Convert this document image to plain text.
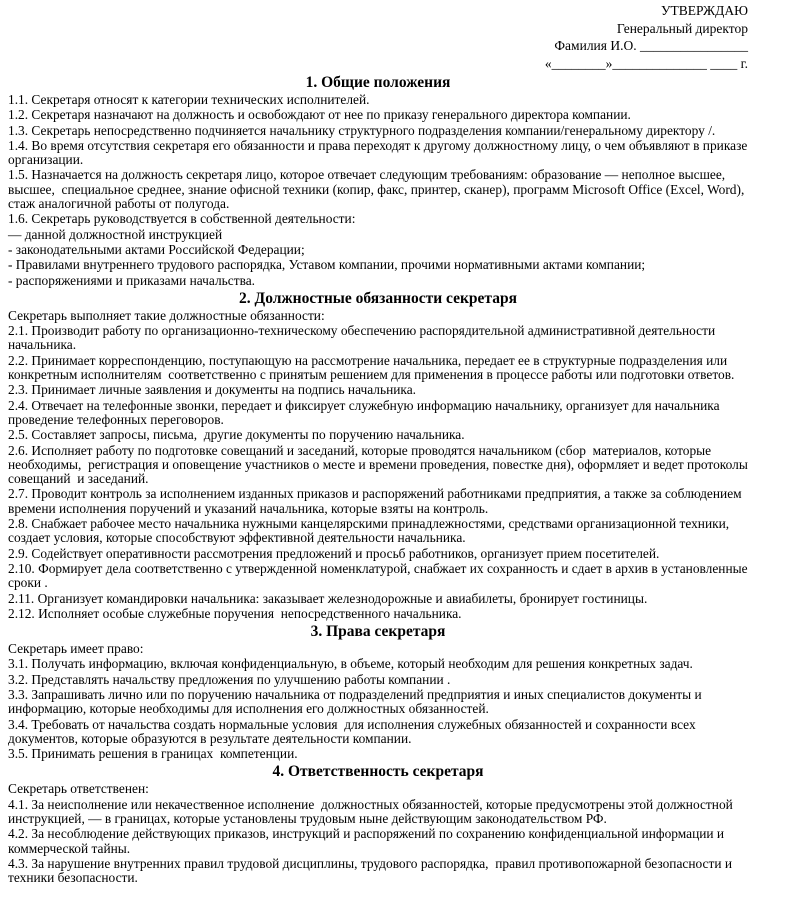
УТВЕРЖДАЮ
Генеральный директор
Фамилия И.О. ________________
«________»______________ ____ г.
1. Общие положения

1.1. Секретаря относят к категории технических исполнителей.

1.2. Секретаря назначают на должность и освобождают от нее по приказу генерального директора компании.

1.3. Секретарь непосредственно подчиняется начальнику структурного подразделения компании/генеральному директору /.

1.4. Во время отсутствия секретаря его обязанности и права переходят к другому должностному лицу, о чем объявляют в приказе организации.

1.5. Назначается на должность секретаря лицо, которое отвечает следующим требованиям: образование — неполное высшее, высшее,  специальное среднее, знание офисной техники (копир, факс, принтер, сканер), программ Microsoft Office (Excel, Word), стаж аналогичной работы от полугода.

1.6. Секретарь руководствуется в собственной деятельности:

— данной должностной инструкцией

- законодательными актами Российской Федерации;

- Правилами внутреннего трудового распорядка, Уставом компании, прочими нормативными актами компании;

- распоряжениями и приказами начальства.

2. Должностные обязанности секретаря

Секретарь выполняет такие должностные обязанности:

2.1. Производит работу по организационно-техническому обеспечению распорядительной административной деятельности начальника.

2.2. Принимает корреспонденцию, поступающую на рассмотрение начальника, передает ее в структурные подразделения или конкретным исполнителям  соответственно с принятым решением для применения в процессе работы или подготовки ответов.

2.3. Принимает личные заявления и документы на подпись начальника.

2.4. Отвечает на телефонные звонки, передает и фиксирует служебную информацию начальнику, организует для начальника проведение телефонных переговоров.

2.5. Составляет запросы, письма,  другие документы по поручению начальника.

2.6. Исполняет работу по подготовке совещаний и заседаний, которые проводятся начальником (сбор  материалов, которые необходимы,  регистрация и оповещение участников о месте и времени проведения, повестке дня), оформляет и ведет протоколы совещаний  и заседаний.

2.7. Проводит контроль за исполнением изданных приказов и распоряжений работниками предприятия, а также за соблюдением времени исполнения поручений и указаний начальника, которые взяты на контроль.

2.8. Снабжает рабочее место начальника нужными канцелярскими принадлежностями, средствами организационной техники,  создает условия, которые способствуют эффективной деятельности начальника.

2.9. Содействует оперативности рассмотрения предложений и просьб работников, организует прием посетителей.

2.10. Формирует дела соответственно с утвержденной номенклатурой, снабжает их сохранность и сдает в архив в установленные сроки .

2.11. Организует командировки начальника: заказывает железнодорожные и авиабилеты, бронирует гостиницы.

2.12. Исполняет особые служебные поручения  непосредственного начальника.

3. Права секретаря

Секретарь имеет право:

3.1. Получать информацию, включая конфиденциальную, в объеме, который необходим для решения конкретных задач.

3.2. Представлять начальству предложения по улучшению работы компании .

3.3. Запрашивать лично или по поручению начальника от подразделений предприятия и иных специалистов документы и информацию, которые необходимы для исполнения его должностных обязанностей.

3.4. Требовать от начальства создать нормальные условия  для исполнения служебных обязанностей и сохранности всех документов, которые образуются в результате деятельности компании.

3.5. Принимать решения в границах  компетенции.

4. Ответственность секретаря

Секретарь ответственен:

4.1. За неисполнение или некачественное исполнение  должностных обязанностей, которые предусмотрены этой должностной инструкцией, — в границах, которые установлены трудовым ныне действующим законодательством РФ.

4.2. За несоблюдение действующих приказов, инструкций и распоряжений по сохранению конфиденциальной информации и коммерческой тайны.

4.3. За нарушение внутренних правил трудовой дисциплины, трудового распорядка,  правил противопожарной безопасности и техники безопасности.
